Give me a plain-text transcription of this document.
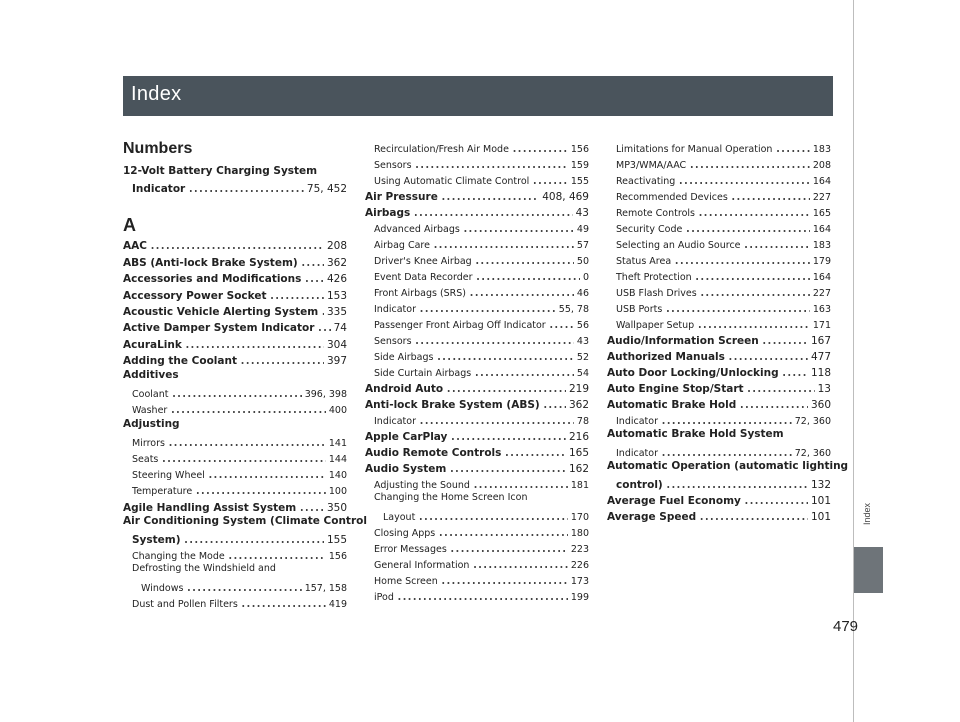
Index
Index
479
Numbers
12-Volt Battery Charging System
Indicator .....	75, 452
A
AAC .....	208
ABS (Anti-lock Brake System) .....	362
Accessories and Modifications ..... 426
Accessory Power Socket .....	153
Acoustic Vehicle Alerting System ..... 335
Active Damper System Indicator ..... 74
AcuraLink .....	304
Adding the Coolant .....	397
Additives
Coolant .....	396, 398
Washer .....	400
Adjusting
Mirrors .....	141
Seats .....	144
Steering Wheel .....	140
Temperature .....	100
Agile Handling Assist System .....	350
Air Conditioning System (Climate Control
System) .....	155
Changing the Mode .....	156
Defrosting the Windshield and
Windows .....	157, 158
Dust and Pollen Filters .....	419
Recirculation/Fresh Air Mode .....	156
Sensors .....	159
Using Automatic Climate Control .....	155
Air Pressure .....	408, 469
Airbags .....	43
Advanced Airbags .....	49
Airbag Care .....	57
Driver's Knee Airbag .....	50
Event Data Recorder .....	0
Front Airbags (SRS) .....	46
Indicator .....	55, 78
Passenger Front Airbag Off Indicator .....	56
Sensors .....	43
Side Airbags .....	52
Side Curtain Airbags .....	54
Android Auto .....	219
Anti-lock Brake System (ABS) .....	362
Indicator .....	78
Apple CarPlay .....	216
Audio Remote Controls .....	165
Audio System .....	162
Adjusting the Sound .....	181
Changing the Home Screen Icon
Layout .....	170
Closing Apps .....	180
Error Messages .....	223
General Information .....	226
Home Screen .....	173
iPod .....	199
Limitations for Manual Operation .....	183
MP3/WMA/AAC .....	208
Reactivating .....	164
Recommended Devices .....	227
Remote Controls .....	165
Security Code .....	164
Selecting an Audio Source .....	183
Status Area .....	179
Theft Protection .....	164
USB Flash Drives .....	227
USB Ports .....	163
Wallpaper Setup .....	171
Audio/Information Screen .....	167
Authorized Manuals .....	477
Auto Door Locking/Unlocking .....	118
Auto Engine Stop/Start .....	13
Automatic Brake Hold .....	360
Indicator .....	72, 360
Automatic Brake Hold System
Indicator .....	72, 360
Automatic Operation (automatic lighting
control) .....	132
Average Fuel Economy .....	101
Average Speed .....	101
